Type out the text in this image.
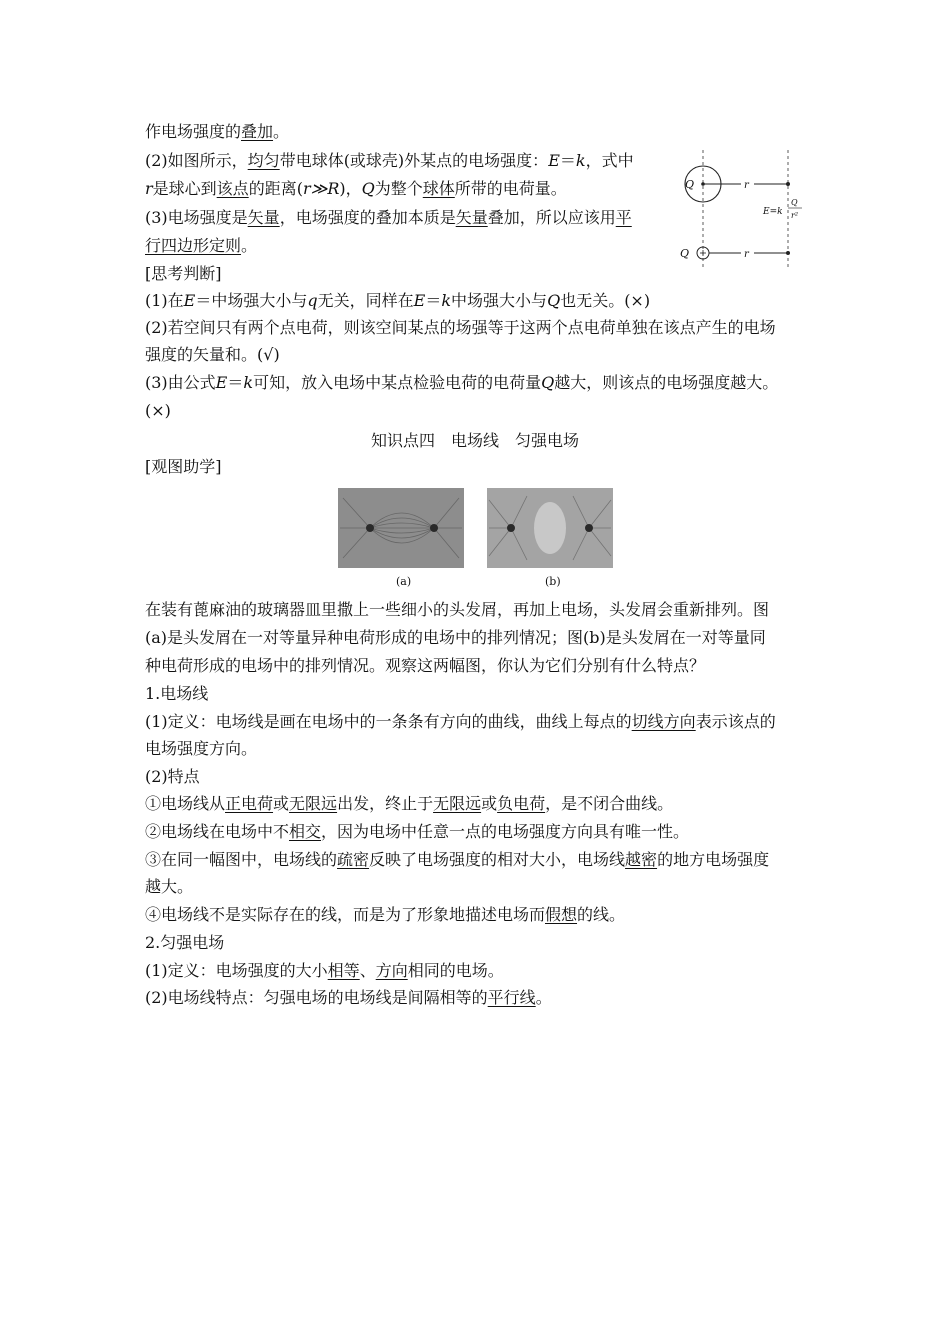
作电场强度的叠加。
(2)如图所示，均匀带电球体(或球壳)外某点的电场强度：E＝k，式中
r是球心到该点的距离(r≫R)，Q为整个球体所带的电荷量。
(3)电场强度是矢量，电场强度的叠加本质是矢量叠加，所以应该用平
行四边形定则。
[思考判断]
(1)在E＝中场强大小与q无关，同样在E＝k中场强大小与Q也无关。(×)
(2)若空间只有两个点电荷，则该空间某点的场强等于这两个点电荷单独在该点产生的电场
强度的矢量和。(√)
(3)由公式E＝k可知，放入电场中某点检验电荷的电荷量Q越大，则该点的电场强度越大。
(×)
知识点四　电场线　匀强电场
[观图助学]
(a)	(b)
在装有蓖麻油的玻璃器皿里撒上一些细小的头发屑，再加上电场，头发屑会重新排列。图
(a)是头发屑在一对等量异种电荷形成的电场中的排列情况；图(b)是头发屑在一对等量同
种电荷形成的电场中的排列情况。观察这两幅图，你认为它们分别有什么特点？
1.电场线
(1)定义：电场线是画在电场中的一条条有方向的曲线，曲线上每点的切线方向表示该点的
电场强度方向。
(2)特点
①电场线从正电荷或无限远出发，终止于无限远或负电荷，是不闭合曲线。
②电场线在电场中不相交，因为电场中任意一点的电场强度方向具有唯一性。
③在同一幅图中，电场线的疏密反映了电场强度的相对大小，电场线越密的地方电场强度
越大。
④电场线不是实际存在的线，而是为了形象地描述电场而假想的线。
2.匀强电场
(1)定义：电场强度的大小相等、方向相同的电场。
(2)电场线特点：匀强电场的电场线是间隔相等的平行线。
Q	r
E=k
Q
r²
Q	r
